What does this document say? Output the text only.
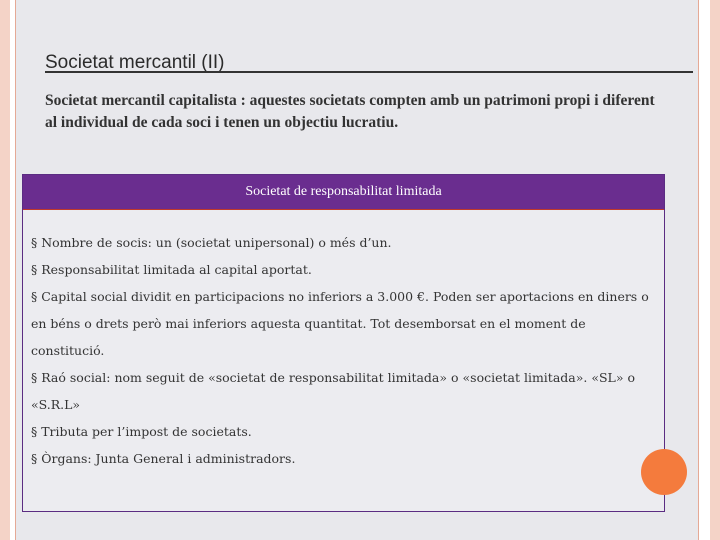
Societat mercantil (II)
Societat mercantil capitalista : aquestes societats compten amb un patrimoni propi i diferent al individual de cada soci i tenen un objectiu lucratiu.
Societat de responsabilitat limitada

§ Nombre de socis: un (societat unipersonal) o més d’un.

§ Responsabilitat limitada al capital aportat.

§ Capital social dividit en participacions no inferiors a 3.000 €. Poden ser aportacions en diners o en béns o drets però mai inferiors aquesta quantitat. Tot desemborsat en el moment de constitució.

§ Raó social: nom seguit de «societat de responsabilitat limitada» o «societat limitada». «SL» o «S.R.L»

§ Tributa per l’impost de societats.

§ Òrgans: Junta General i administradors.
